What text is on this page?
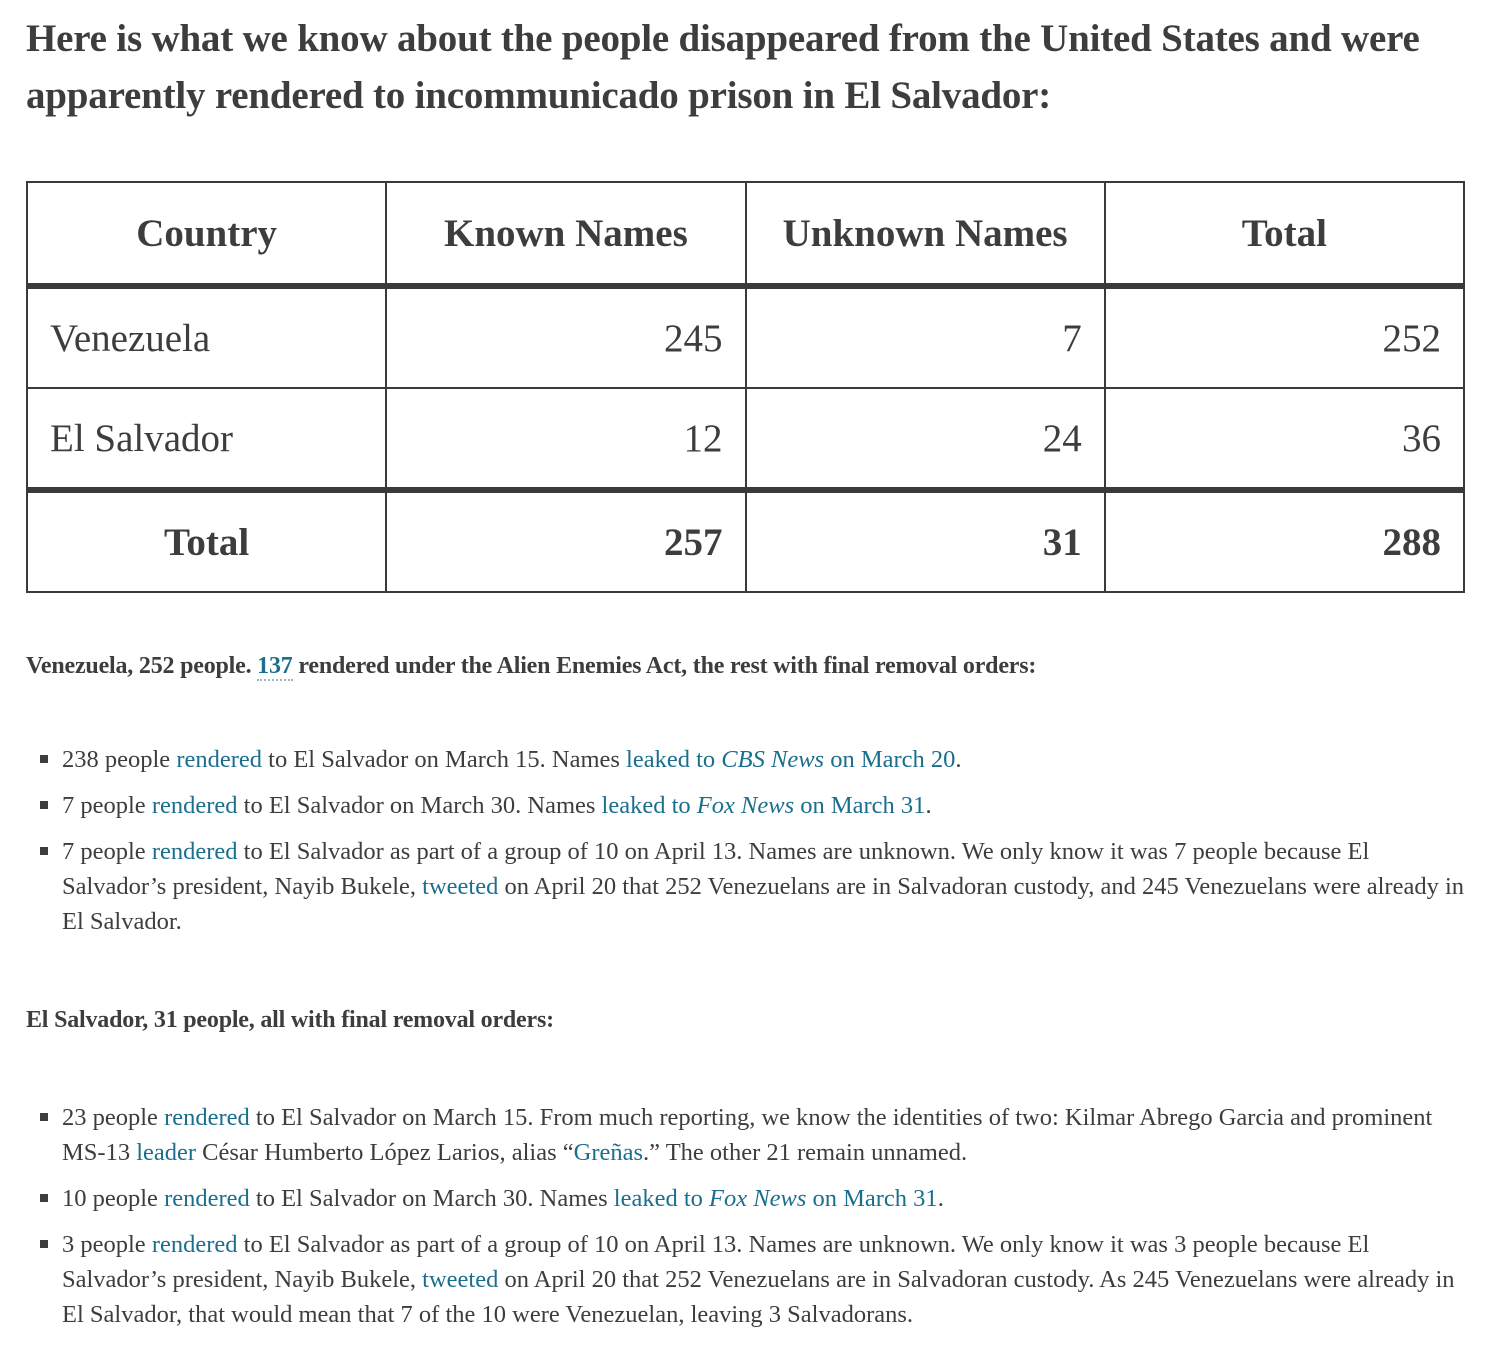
Here is what we know about the people disappeared from the United States and were apparently rendered to incommunicado prison in El Salvador:
Country	Known Names	Unknown Names	Total
Venezuela	245	7	252
El Salvador	12	24	36
Total	257	31	288
Venezuela, 252 people. 137 rendered under the Alien Enemies Act, the rest with final removal orders:
238 people rendered to El Salvador on March 15. Names leaked to CBS News on March 20.
7 people rendered to El Salvador on March 30. Names leaked to Fox News on March 31.
7 people rendered to El Salvador as part of a group of 10 on April 13. Names are unknown. We only know it was 7 people because El Salvador’s president, Nayib Bukele, tweeted on April 20 that 252 Venezuelans are in Salvadoran custody, and 245 Venezuelans were already in El Salvador.
El Salvador, 31 people, all with final removal orders:
23 people rendered to El Salvador on March 15. From much reporting, we know the identities of two: Kilmar Abrego Garcia and prominent MS-13 leader César Humberto López Larios, alias “Greñas.” The other 21 remain unnamed.
10 people rendered to El Salvador on March 30. Names leaked to Fox News on March 31.
3 people rendered to El Salvador as part of a group of 10 on April 13. Names are unknown. We only know it was 3 people because El Salvador’s president, Nayib Bukele, tweeted on April 20 that 252 Venezuelans are in Salvadoran custody. As 245 Venezuelans were already in El Salvador, that would mean that 7 of the 10 were Venezuelan, leaving 3 Salvadorans.
